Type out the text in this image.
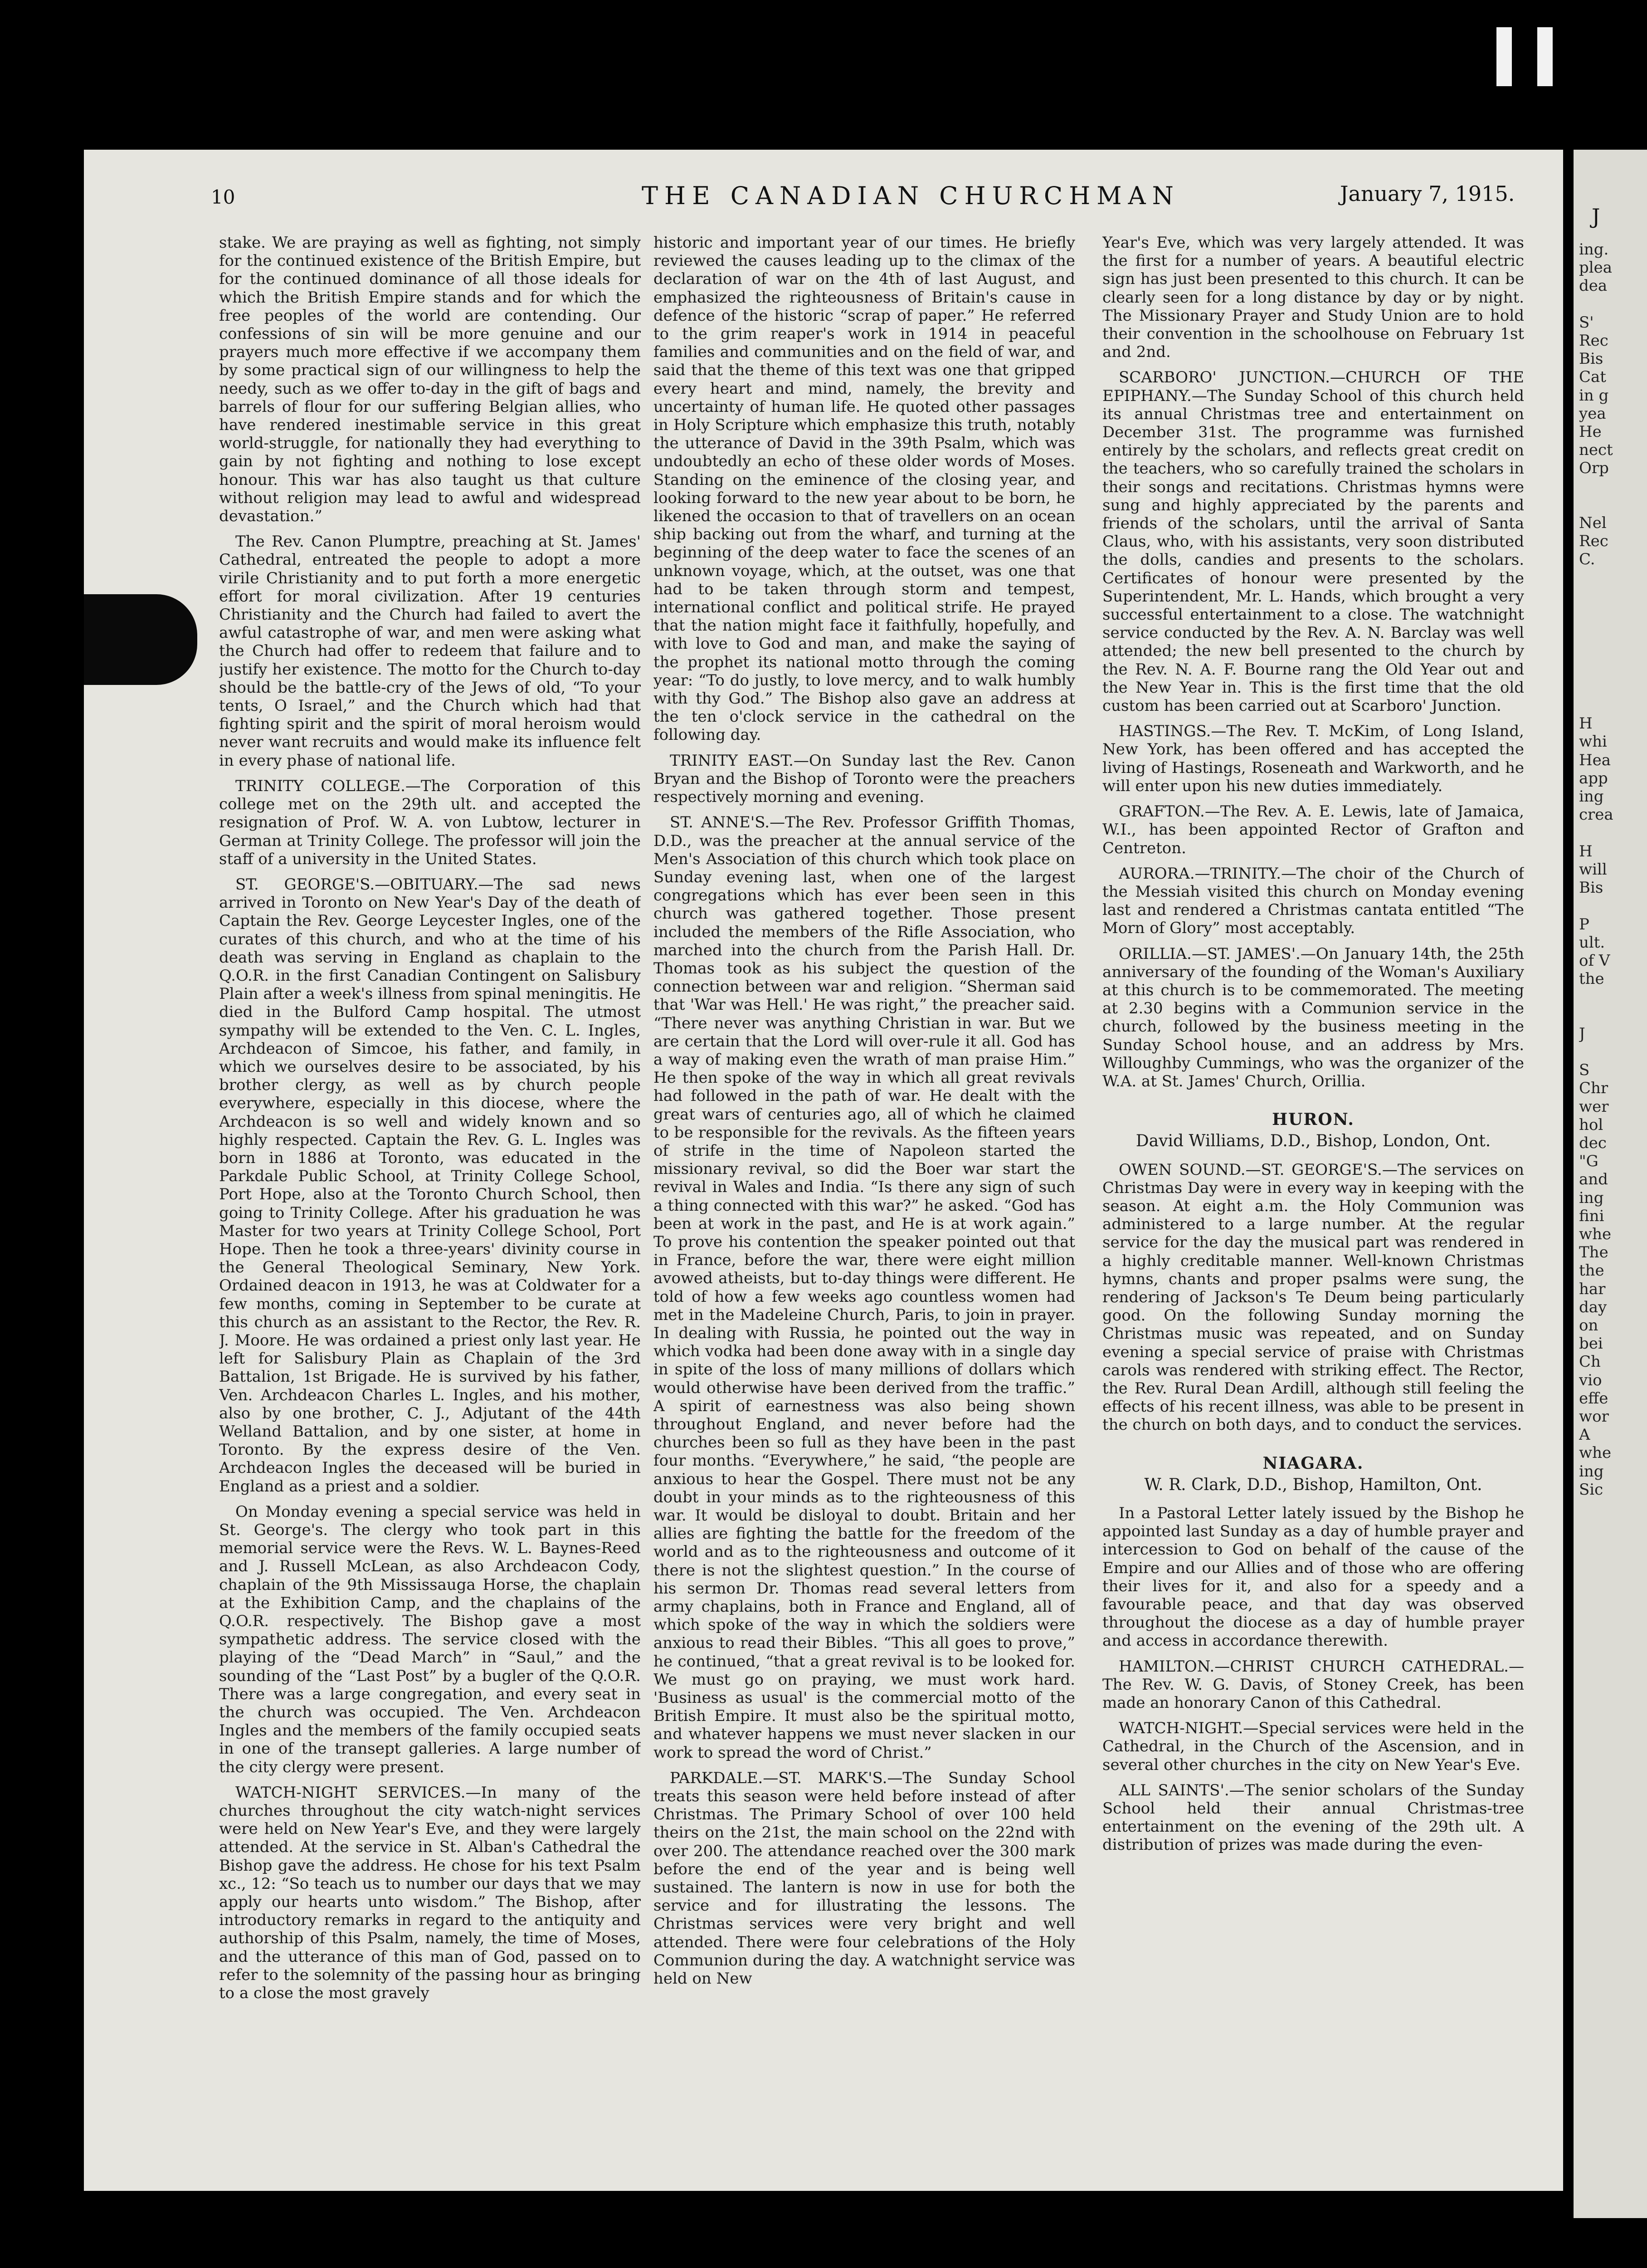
10	THE CANADIAN CHURCHMAN	January 7, 1915.

stake. We are praying as well as fighting, not simply for the continued existence of the British Empire, but for the continued dominance of all those ideals for which the British Empire stands and for which the free peoples of the world are contending. Our confessions of sin will be more genuine and our prayers much more effective if we accompany them by some practical sign of our willingness to help the needy, such as we offer to-day in the gift of bags and barrels of flour for our suffering Belgian allies, who have rendered inestimable service in this great world-struggle, for nationally they had everything to gain by not fighting and nothing to lose except honour. This war has also taught us that culture without religion may lead to awful and widespread devastation.”

The Rev. Canon Plumptre, preaching at St. James' Cathedral, entreated the people to adopt a more virile Christianity and to put forth a more energetic effort for moral civilization. After 19 centuries Christianity and the Church had failed to avert the awful catastrophe of war, and men were asking what the Church had offer to redeem that failure and to justify her existence. The motto for the Church to-day should be the battle-cry of the Jews of old, “To your tents, O Israel,” and the Church which had that fighting spirit and the spirit of moral heroism would never want recruits and would make its influence felt in every phase of national life.

TRINITY COLLEGE.—The Corporation of this college met on the 29th ult. and accepted the resignation of Prof. W. A. von Lubtow, lecturer in German at Trinity College. The professor will join the staff of a university in the United States.

ST. GEORGE'S.—OBITUARY.—The sad news arrived in Toronto on New Year's Day of the death of Captain the Rev. George Leycester Ingles, one of the curates of this church, and who at the time of his death was serving in England as chaplain to the Q.O.R. in the first Canadian Contingent on Salisbury Plain after a week's illness from spinal meningitis. He died in the Bulford Camp hospital. The utmost sympathy will be extended to the Ven. C. L. Ingles, Archdeacon of Simcoe, his father, and family, in which we ourselves desire to be associated, by his brother clergy, as well as by church people everywhere, especially in this diocese, where the Archdeacon is so well and widely known and so highly respected. Captain the Rev. G. L. Ingles was born in 1886 at Toronto, was educated in the Parkdale Public School, at Trinity College School, Port Hope, also at the Toronto Church School, then going to Trinity College. After his graduation he was Master for two years at Trinity College School, Port Hope. Then he took a three-years' divinity course in the General Theological Seminary, New York. Ordained deacon in 1913, he was at Coldwater for a few months, coming in September to be curate at this church as an assistant to the Rector, the Rev. R. J. Moore. He was ordained a priest only last year. He left for Salisbury Plain as Chaplain of the 3rd Battalion, 1st Brigade. He is survived by his father, Ven. Archdeacon Charles L. Ingles, and his mother, also by one brother, C. J., Adjutant of the 44th Welland Battalion, and by one sister, at home in Toronto. By the express desire of the Ven. Archdeacon Ingles the deceased will be buried in England as a priest and a soldier.

On Monday evening a special service was held in St. George's. The clergy who took part in this memorial service were the Revs. W. L. Baynes-Reed and J. Russell McLean, as also Archdeacon Cody, chaplain of the 9th Mississauga Horse, the chaplain at the Exhibition Camp, and the chaplains of the Q.O.R. respectively. The Bishop gave a most sympathetic address. The service closed with the playing of the “Dead March” in “Saul,” and the sounding of the “Last Post” by a bugler of the Q.O.R. There was a large congregation, and every seat in the church was occupied. The Ven. Archdeacon Ingles and the members of the family occupied seats in one of the transept galleries. A large number of the city clergy were present.

WATCH-NIGHT SERVICES.—In many of the churches throughout the city watch-night services were held on New Year's Eve, and they were largely attended. At the service in St. Alban's Cathedral the Bishop gave the address. He chose for his text Psalm xc., 12: “So teach us to number our days that we may apply our hearts unto wisdom.” The Bishop, after introductory remarks in regard to the antiquity and authorship of this Psalm, namely, the time of Moses, and the utterance of this man of God, passed on to refer to the solemnity of the passing hour as bringing to a close the most gravely

historic and important year of our times. He briefly reviewed the causes leading up to the climax of the declaration of war on the 4th of last August, and emphasized the righteousness of Britain's cause in defence of the historic “scrap of paper.” He referred to the grim reaper's work in 1914 in peaceful families and communities and on the field of war, and said that the theme of this text was one that gripped every heart and mind, namely, the brevity and uncertainty of human life. He quoted other passages in Holy Scripture which emphasize this truth, notably the utterance of David in the 39th Psalm, which was undoubtedly an echo of these older words of Moses. Standing on the eminence of the closing year, and looking forward to the new year about to be born, he likened the occasion to that of travellers on an ocean ship backing out from the wharf, and turning at the beginning of the deep water to face the scenes of an unknown voyage, which, at the outset, was one that had to be taken through storm and tempest, international conflict and political strife. He prayed that the nation might face it faithfully, hopefully, and with love to God and man, and make the saying of the prophet its national motto through the coming year: “To do justly, to love mercy, and to walk humbly with thy God.” The Bishop also gave an address at the ten o'clock service in the cathedral on the following day.

TRINITY EAST.—On Sunday last the Rev. Canon Bryan and the Bishop of Toronto were the preachers respectively morning and evening.

ST. ANNE'S.—The Rev. Professor Griffith Thomas, D.D., was the preacher at the annual service of the Men's Association of this church which took place on Sunday evening last, when one of the largest congregations which has ever been seen in this church was gathered together. Those present included the members of the Rifle Association, who marched into the church from the Parish Hall. Dr. Thomas took as his subject the question of the connection between war and religion. “Sherman said that 'War was Hell.' He was right,” the preacher said. “There never was anything Christian in war. But we are certain that the Lord will over-rule it all. God has a way of making even the wrath of man praise Him.” He then spoke of the way in which all great revivals had followed in the path of war. He dealt with the great wars of centuries ago, all of which he claimed to be responsible for the revivals. As the fifteen years of strife in the time of Napoleon started the missionary revival, so did the Boer war start the revival in Wales and India. “Is there any sign of such a thing connected with this war?” he asked. “God has been at work in the past, and He is at work again.” To prove his contention the speaker pointed out that in France, before the war, there were eight million avowed atheists, but to-day things were different. He told of how a few weeks ago countless women had met in the Madeleine Church, Paris, to join in prayer. In dealing with Russia, he pointed out the way in which vodka had been done away with in a single day in spite of the loss of many millions of dollars which would otherwise have been derived from the traffic.” A spirit of earnestness was also being shown throughout England, and never before had the churches been so full as they have been in the past four months. “Everywhere,” he said, “the people are anxious to hear the Gospel. There must not be any doubt in your minds as to the righteousness of this war. It would be disloyal to doubt. Britain and her allies are fighting the battle for the freedom of the world and as to the righteousness and outcome of it there is not the slightest question.” In the course of his sermon Dr. Thomas read several letters from army chaplains, both in France and England, all of which spoke of the way in which the soldiers were anxious to read their Bibles. “This all goes to prove,” he continued, “that a great revival is to be looked for. We must go on praying, we must work hard. 'Business as usual' is the commercial motto of the British Empire. It must also be the spiritual motto, and whatever happens we must never slacken in our work to spread the word of Christ.”

PARKDALE.—ST. MARK'S.—The Sunday School treats this season were held before instead of after Christmas. The Primary School of over 100 held theirs on the 21st, the main school on the 22nd with over 200. The attendance reached over the 300 mark before the end of the year and is being well sustained. The lantern is now in use for both the service and for illustrating the lessons. The Christmas services were very bright and well attended. There were four celebrations of the Holy Communion during the day. A watchnight service was held on New

Year's Eve, which was very largely attended. It was the first for a number of years. A beautiful electric sign has just been presented to this church. It can be clearly seen for a long distance by day or by night. The Missionary Prayer and Study Union are to hold their convention in the schoolhouse on February 1st and 2nd.

SCARBORO' JUNCTION.—CHURCH OF THE EPIPHANY.—The Sunday School of this church held its annual Christmas tree and entertainment on December 31st. The programme was furnished entirely by the scholars, and reflects great credit on the teachers, who so carefully trained the scholars in their songs and recitations. Christmas hymns were sung and highly appreciated by the parents and friends of the scholars, until the arrival of Santa Claus, who, with his assistants, very soon distributed the dolls, candies and presents to the scholars. Certificates of honour were presented by the Superintendent, Mr. L. Hands, which brought a very successful entertainment to a close. The watchnight service conducted by the Rev. A. N. Barclay was well attended; the new bell presented to the church by the Rev. N. A. F. Bourne rang the Old Year out and the New Year in. This is the first time that the old custom has been carried out at Scarboro' Junction.

HASTINGS.—The Rev. T. McKim, of Long Island, New York, has been offered and has accepted the living of Hastings, Roseneath and Warkworth, and he will enter upon his new duties immediately.

GRAFTON.—The Rev. A. E. Lewis, late of Jamaica, W.I., has been appointed Rector of Grafton and Centreton.

AURORA.—TRINITY.—The choir of the Church of the Messiah visited this church on Monday evening last and rendered a Christmas cantata entitled “The Morn of Glory” most acceptably.

ORILLIA.—ST. JAMES'.—On January 14th, the 25th anniversary of the founding of the Woman's Auxiliary at this church is to be commemorated. The meeting at 2.30 begins with a Communion service in the church, followed by the business meeting in the Sunday School house, and an address by Mrs. Willoughby Cummings, who was the organizer of the W.A. at St. James' Church, Orillia.

HURON.
David Williams, D.D., Bishop, London, Ont.

OWEN SOUND.—ST. GEORGE'S.—The services on Christmas Day were in every way in keeping with the season. At eight a.m. the Holy Communion was administered to a large number. At the regular service for the day the musical part was rendered in a highly creditable manner. Well-known Christmas hymns, chants and proper psalms were sung, the rendering of Jackson's Te Deum being particularly good. On the following Sunday morning the Christmas music was repeated, and on Sunday evening a special service of praise with Christmas carols was rendered with striking effect. The Rector, the Rev. Rural Dean Ardill, although still feeling the effects of his recent illness, was able to be present in the church on both days, and to conduct the services.

NIAGARA.
W. R. Clark, D.D., Bishop, Hamilton, Ont.

In a Pastoral Letter lately issued by the Bishop he appointed last Sunday as a day of humble prayer and intercession to God on behalf of the cause of the Empire and our Allies and of those who are offering their lives for it, and also for a speedy and a favourable peace, and that day was observed throughout the diocese as a day of humble prayer and access in accordance therewith.

HAMILTON.—CHRIST CHURCH CATHEDRAL.—The Rev. W. G. Davis, of Stoney Creek, has been made an honorary Canon of this Cathedral.

WATCH-NIGHT.—Special services were held in the Cathedral, in the Church of the Ascension, and in several other churches in the city on New Year's Eve.

ALL SAINTS'.—The senior scholars of the Sunday School held their annual Christmas-tree entertainment on the evening of the 29th ult. A distribution of prizes was made during the even-

J
ing.
plea
dea

S'
Rec
Bis
Cat
in g
yea
He
nect
Orp

Nel
Rec
C.

H
whi
Hea
app
ing
crea

H
will
Bis

P
ult.
of V
the

J

S
Chr
wer
hol
dec
"G
and
ing
fini
whe
The
the
har
day
on
bei
Ch
vio
effe
wor
A
whe
ing
Sic
